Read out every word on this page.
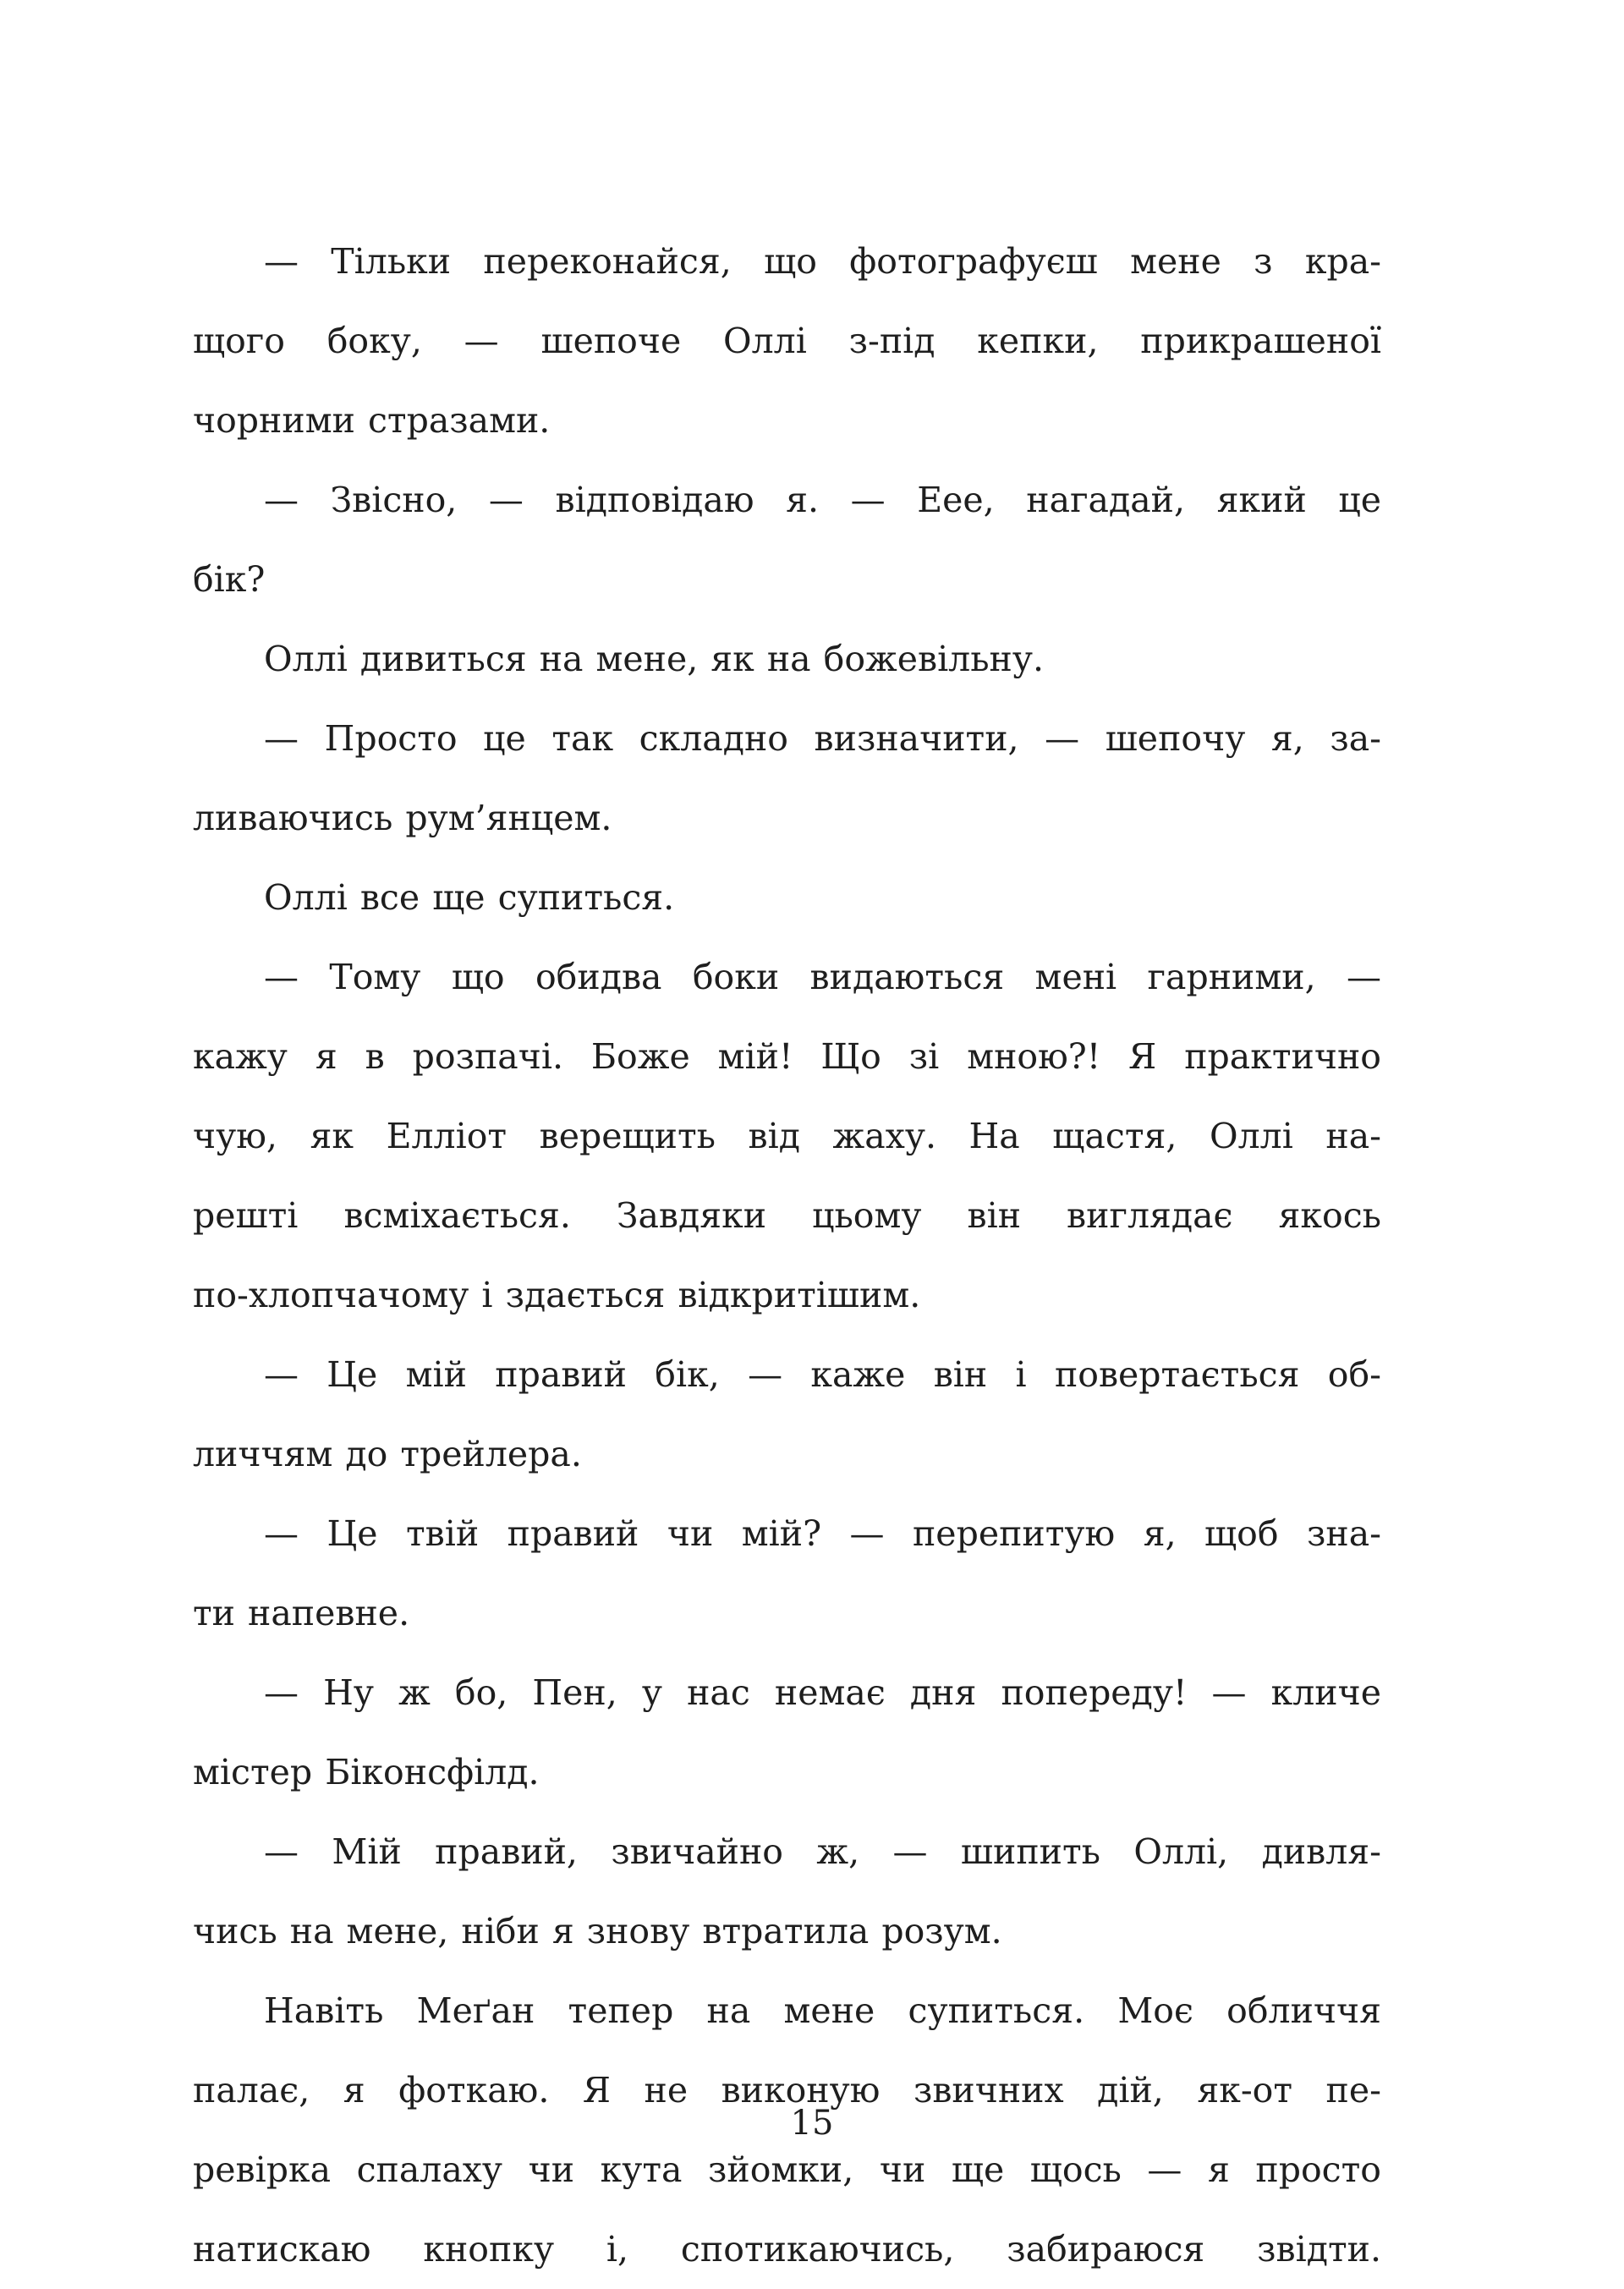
— Тільки переконайся, що фотографуєш мене з кра-
щого боку, — шепоче Оллі з-під кепки, прикрашеної
чорними стразами.
— Звісно, — відповідаю я. — Еее, нагадай, який це
бік?
Оллі дивиться на мене, як на божевільну.
— Просто це так складно визначити, — шепочу я, за-
ливаючись рум’янцем.
Оллі все ще супиться.
— Тому що обидва боки видаються мені гарними, —
кажу я в розпачі. Боже мій! Що зі мною?! Я практично
чую, як Елліот верещить від жаху. На щастя, Оллі на-
решті всміхається. Завдяки цьому він виглядає якось
по-хлопчачому і здається відкритішим.
— Це мій правий бік, — каже він і повертається об-
личчям до трейлера.
— Це твій правий чи мій? — перепитую я, щоб зна-
ти напевне.
— Ну ж бо, Пен, у нас немає дня попереду! — кличе
містер Біконсфілд.
— Мій правий, звичайно ж, — шипить Оллі, дивля-
чись на мене, ніби я знову втратила розум.
Навіть Меґан тепер на мене супиться. Моє обличчя
палає, я фоткаю. Я не виконую звичних дій, як-от пе-
ревірка спалаху чи кута зйомки, чи ще щось — я просто
натискаю кнопку і, спотикаючись, забираюся звідти.
15
